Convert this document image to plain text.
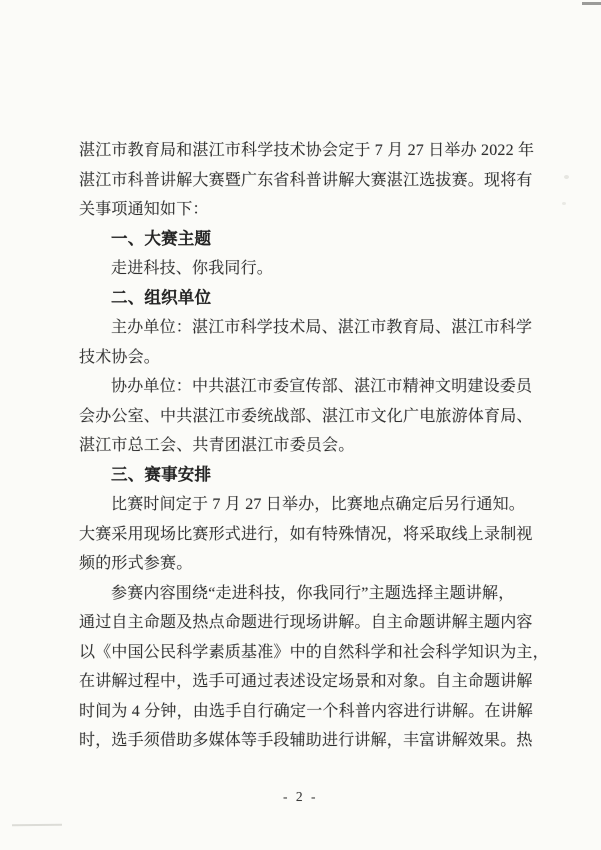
湛江市教育局和湛江市科学技术协会定于 7 月 27 日举办 2022 年
湛江市科普讲解大赛暨广东省科普讲解大赛湛江选拔赛。现将有
关事项通知如下：
一、大赛主题
走进科技、你我同行。
二、组织单位
主办单位：湛江市科学技术局、湛江市教育局、湛江市科学
技术协会。
协办单位：中共湛江市委宣传部、湛江市精神文明建设委员
会办公室、中共湛江市委统战部、湛江市文化广电旅游体育局、
湛江市总工会、共青团湛江市委员会。
三、赛事安排
比赛时间定于 7 月 27 日举办，比赛地点确定后另行通知。
大赛采用现场比赛形式进行，如有特殊情况，将采取线上录制视
频的形式参赛。
参赛内容围绕“走进科技，你我同行”主题选择主题讲解，
通过自主命题及热点命题进行现场讲解。自主命题讲解主题内容
以《中国公民科学素质基准》中的自然科学和社会科学知识为主，
在讲解过程中，选手可通过表述设定场景和对象。自主命题讲解
时间为 4 分钟，由选手自行确定一个科普内容进行讲解。在讲解
时，选手须借助多媒体等手段辅助进行讲解，丰富讲解效果。热
- 2 -
